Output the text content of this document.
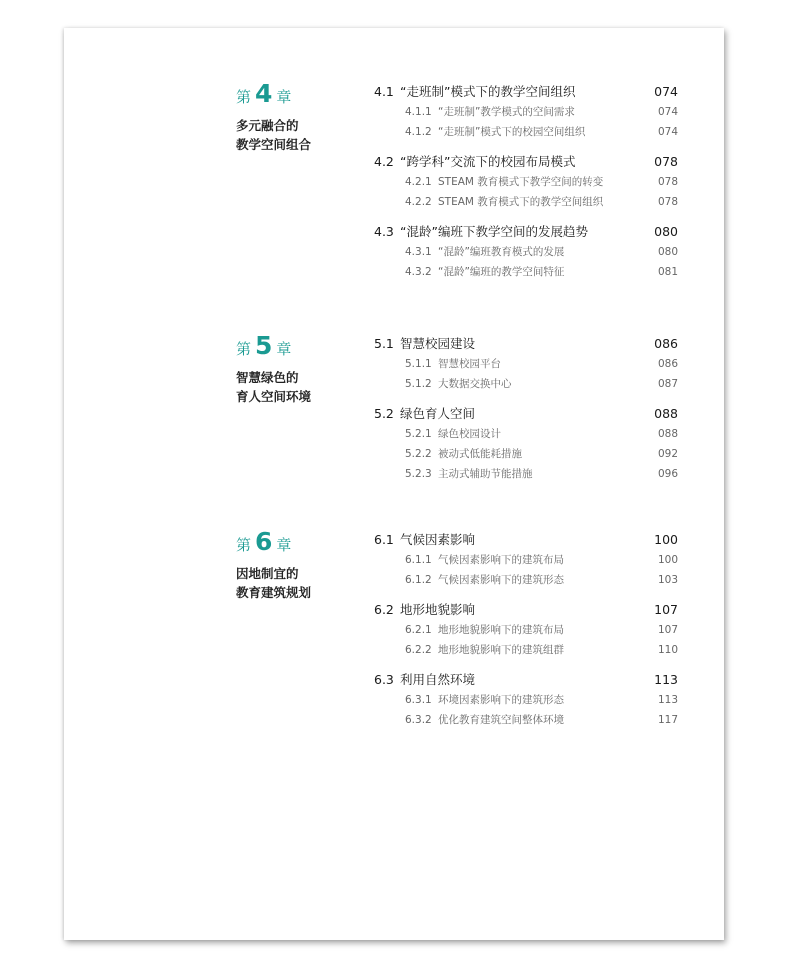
第 4 章
多元融合的
教学空间组合
4.1 “走班制”模式下的教学空间组织	074
4.1.1 “走班制”教学模式的空间需求	074
4.1.2 “走班制”模式下的校园空间组织	074
4.2 “跨学科”交流下的校园布局模式	078
4.2.1 STEAM 教育模式下教学空间的转变	078
4.2.2 STEAM 教育模式下的教学空间组织	078
4.3 “混龄”编班下教学空间的发展趋势	080
4.3.1 “混龄”编班教育模式的发展	080
4.3.2 “混龄”编班的教学空间特征	081
第 5 章
智慧绿色的
育人空间环境
5.1 智慧校园建设	086
5.1.1 智慧校园平台	086
5.1.2 大数据交换中心	087
5.2 绿色育人空间	088
5.2.1 绿色校园设计	088
5.2.2 被动式低能耗措施	092
5.2.3 主动式辅助节能措施	096
第 6 章
因地制宜的
教育建筑规划
6.1 气候因素影响	100
6.1.1 气候因素影响下的建筑布局	100
6.1.2 气候因素影响下的建筑形态	103
6.2 地形地貌影响	107
6.2.1 地形地貌影响下的建筑布局	107
6.2.2 地形地貌影响下的建筑组群	110
6.3 利用自然环境	113
6.3.1 环境因素影响下的建筑形态	113
6.3.2 优化教育建筑空间整体环境	117
